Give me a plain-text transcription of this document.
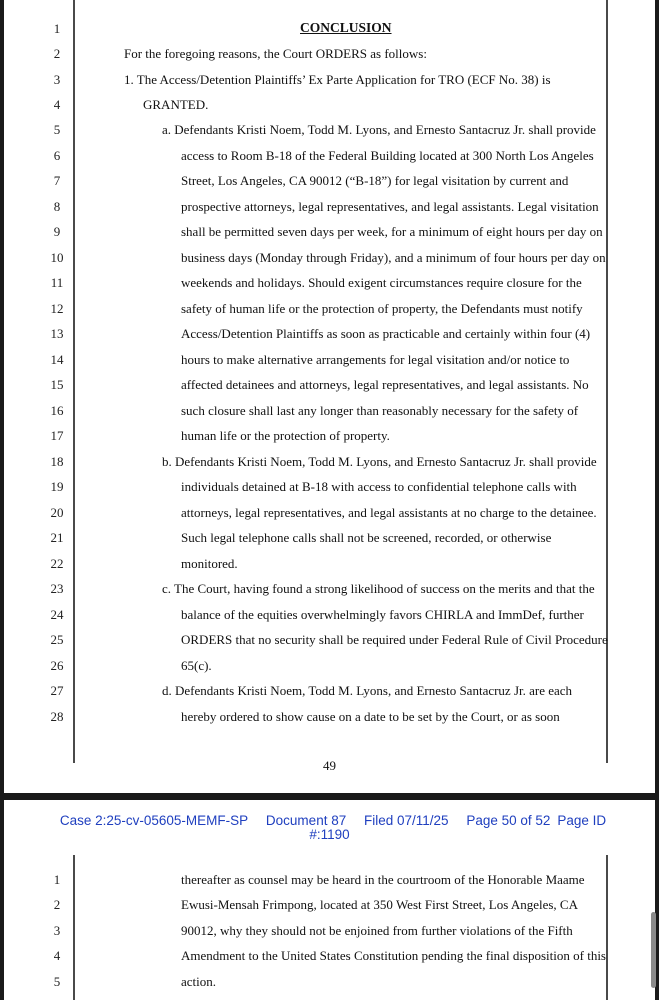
CONCLUSION
1
2
3
4
5
6
7
8
9
10
11
12
13
14
15
16
17
18
19
20
21
22
23
24
25
26
27
28
For the foregoing reasons, the Court ORDERS as follows:
1. The Access/Detention Plaintiffs’ Ex Parte Application for TRO (ECF No. 38) is
GRANTED.
a. Defendants Kristi Noem, Todd M. Lyons, and Ernesto Santacruz Jr. shall provide
access to Room B-18 of the Federal Building located at 300 North Los Angeles
Street, Los Angeles, CA 90012 (“B-18”) for legal visitation by current and
prospective attorneys, legal representatives, and legal assistants. Legal visitation
shall be permitted seven days per week, for a minimum of eight hours per day on
business days (Monday through Friday), and a minimum of four hours per day on
weekends and holidays. Should exigent circumstances require closure for the
safety of human life or the protection of property, the Defendants must notify
Access/Detention Plaintiffs as soon as practicable and certainly within four (4)
hours to make alternative arrangements for legal visitation and/or notice to
affected detainees and attorneys, legal representatives, and legal assistants. No
such closure shall last any longer than reasonably necessary for the safety of
human life or the protection of property.
b. Defendants Kristi Noem, Todd M. Lyons, and Ernesto Santacruz Jr. shall provide
individuals detained at B-18 with access to confidential telephone calls with
attorneys, legal representatives, and legal assistants at no charge to the detainee.
Such legal telephone calls shall not be screened, recorded, or otherwise
monitored.
c. The Court, having found a strong likelihood of success on the merits and that the
balance of the equities overwhelmingly favors CHIRLA and ImmDef, further
ORDERS that no security shall be required under Federal Rule of Civil Procedure
65(c).
d. Defendants Kristi Noem, Todd M. Lyons, and Ernesto Santacruz Jr. are each
hereby ordered to show cause on a date to be set by the Court, or as soon
49
Case 2:25-cv-05605-MEMF-SP Document 87 Filed 07/11/25 Page 50 of 52 Page ID
#:1190
1
2
3
4
5
thereafter as counsel may be heard in the courtroom of the Honorable Maame
Ewusi-Mensah Frimpong, located at 350 West First Street, Los Angeles, CA
90012, why they should not be enjoined from further violations of the Fifth
Amendment to the United States Constitution pending the final disposition of this
action.
